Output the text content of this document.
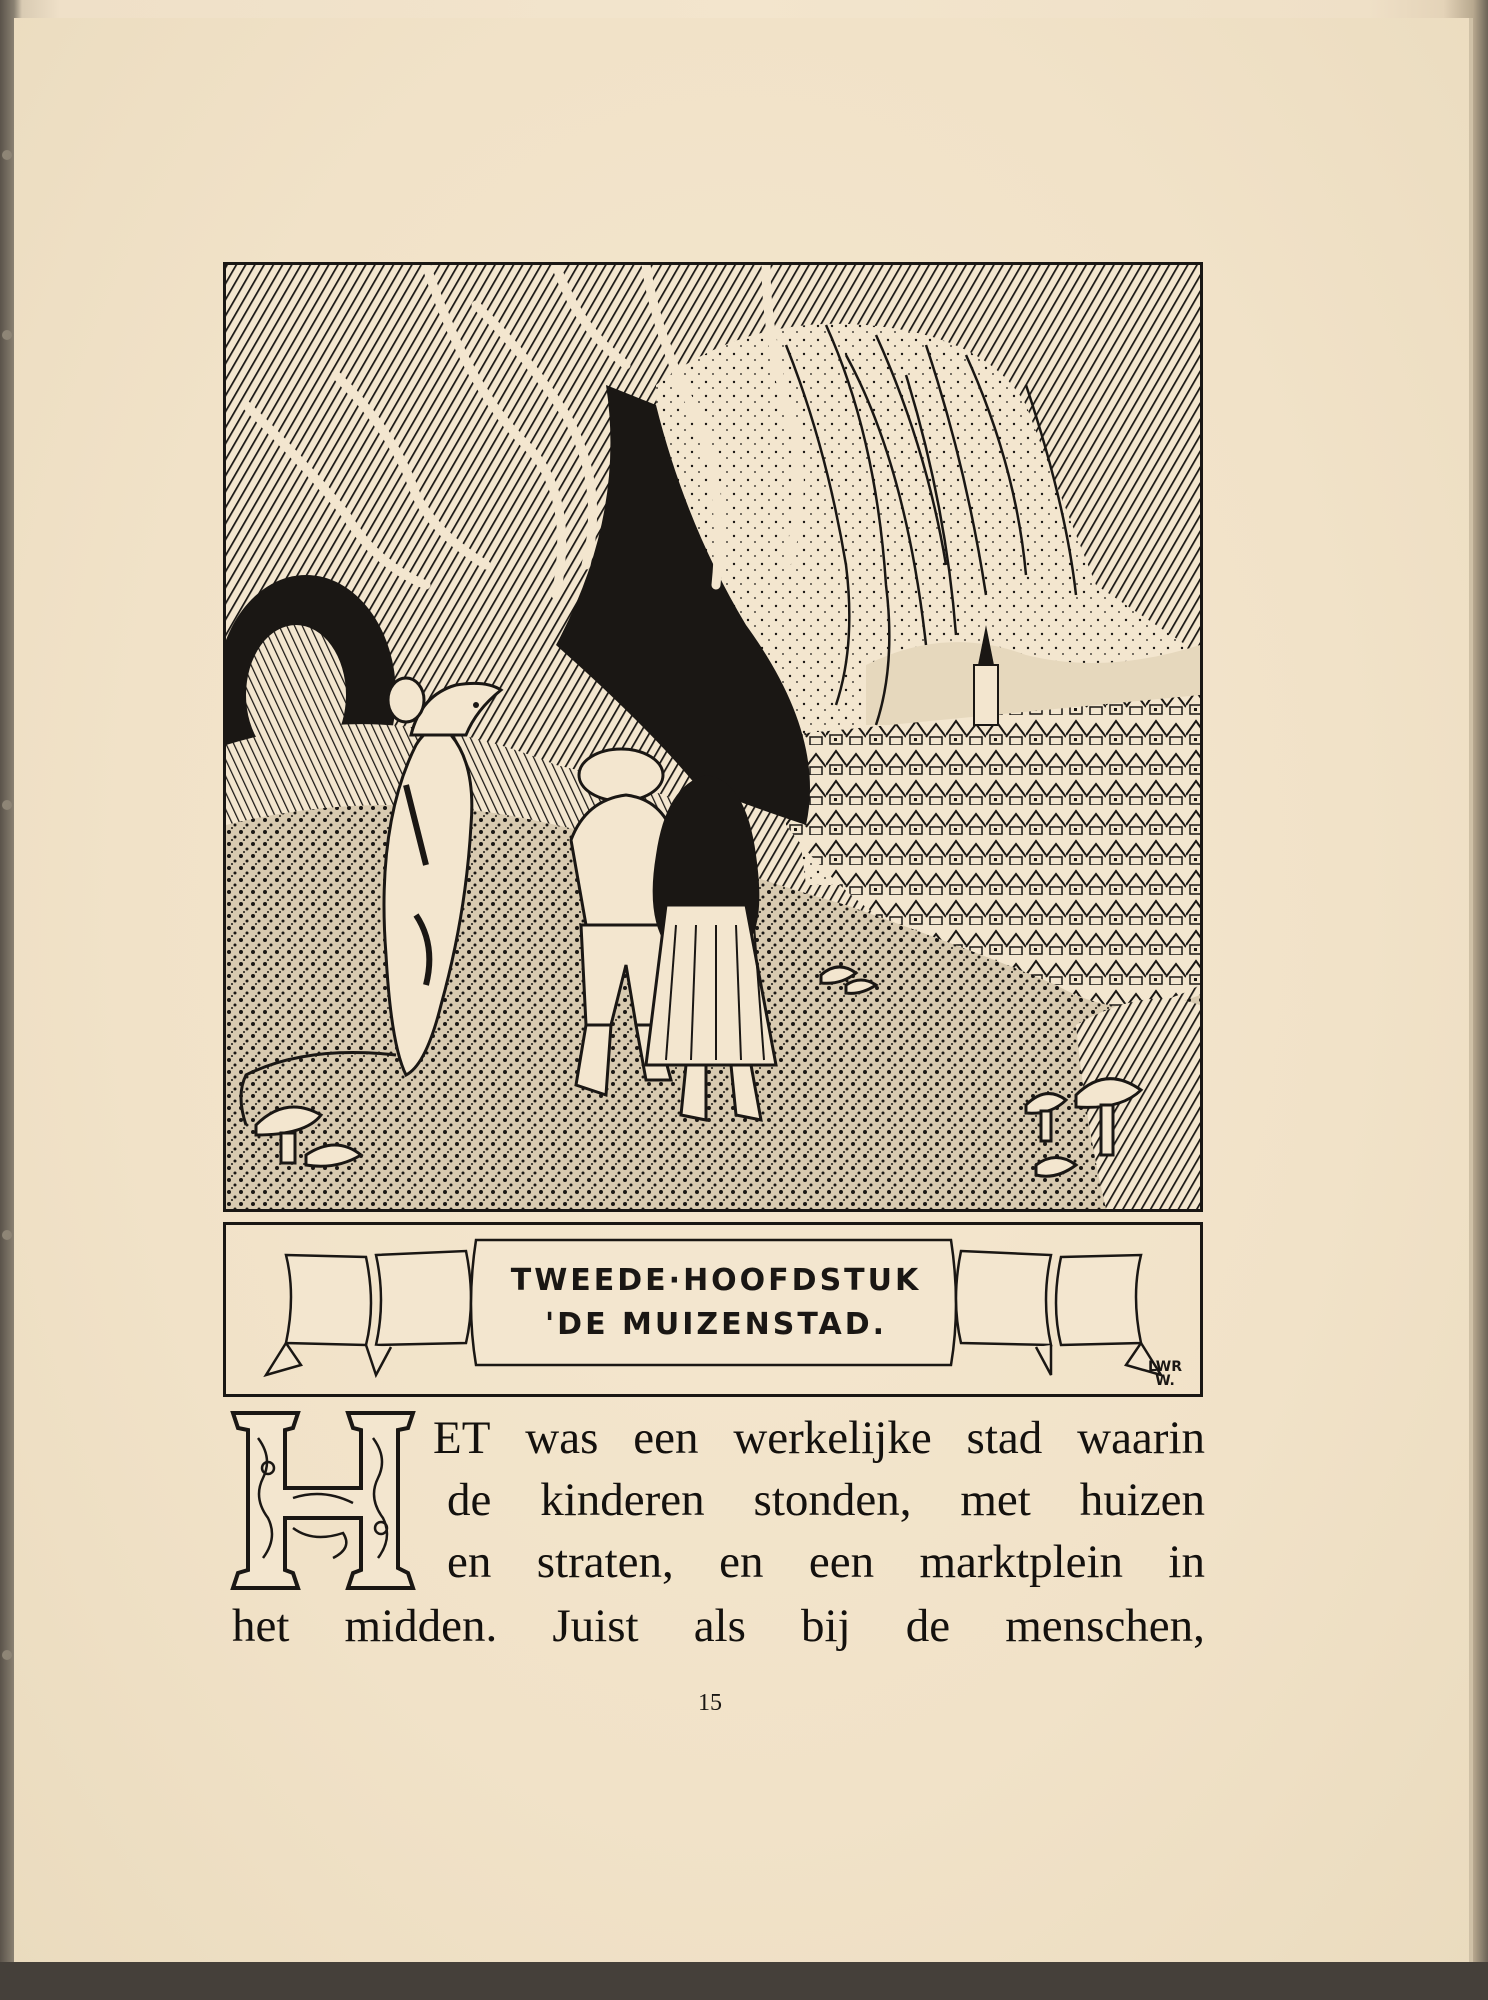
TWEEDE·HOOFDSTUK
'DE MUIZENSTAD.
LWR
W.
ET was een werkelijke stad waarin
de kinderen stonden, met huizen
en straten, en een marktplein in
het midden. Juist als bij de menschen,
15
